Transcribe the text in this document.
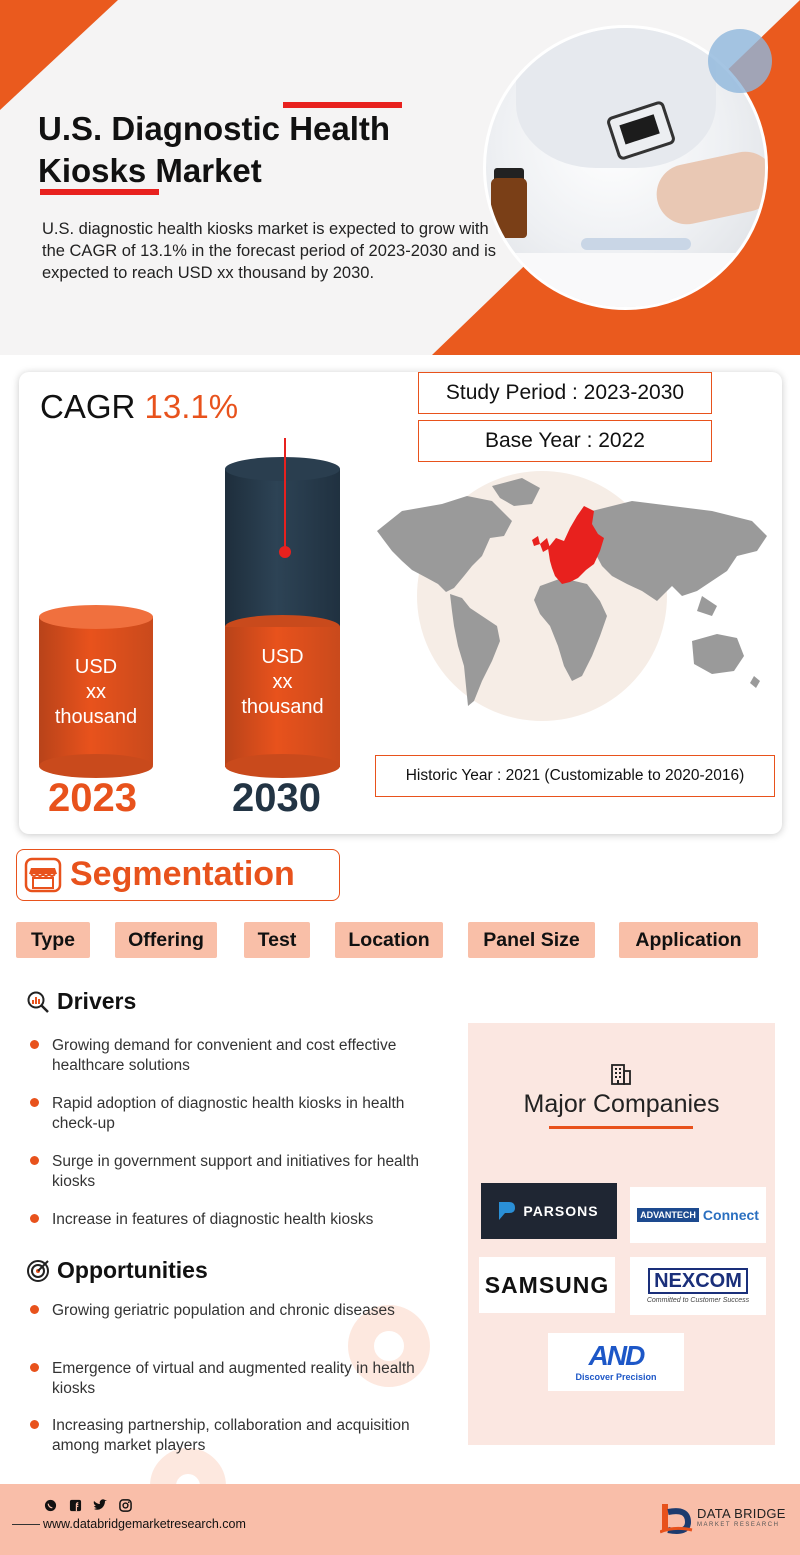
U.S. Diagnostic Health Kiosks Market

U.S. diagnostic health kiosks market is expected to grow with the CAGR of 13.1% in the forecast period of 2023-2030 and is expected to reach USD xx thousand by 2030.

CAGR 13.1%	Study Period : 2023-2030
Base Year : 2022
USD
xx
thousand
USD
xx
thousand
2023 2030
Historic Year : 2021 (Customizable to 2020-2016)
Segmentation
Type	Offering	Test	Location	Panel Size	Application
Drivers
Growing demand for convenient and cost effective healthcare solutions
Rapid adoption of diagnostic health kiosks in health check-up
Surge in government support and initiatives for health kiosks
Increase in features of diagnostic health kiosks
Opportunities
Growing geriatric population and chronic diseases
Emergence of virtual and augmented reality in health kiosks
Increasing partnership, collaboration and acquisition among market players
Major Companies
PARSONS	ADVANTECH Connect
SAMSUNG	NEXCOM
Committed to Customer Success
AND
Discover Precision
www.databridgemarketresearch.com
DATA BRIDGE
MARKET RESEARCH
